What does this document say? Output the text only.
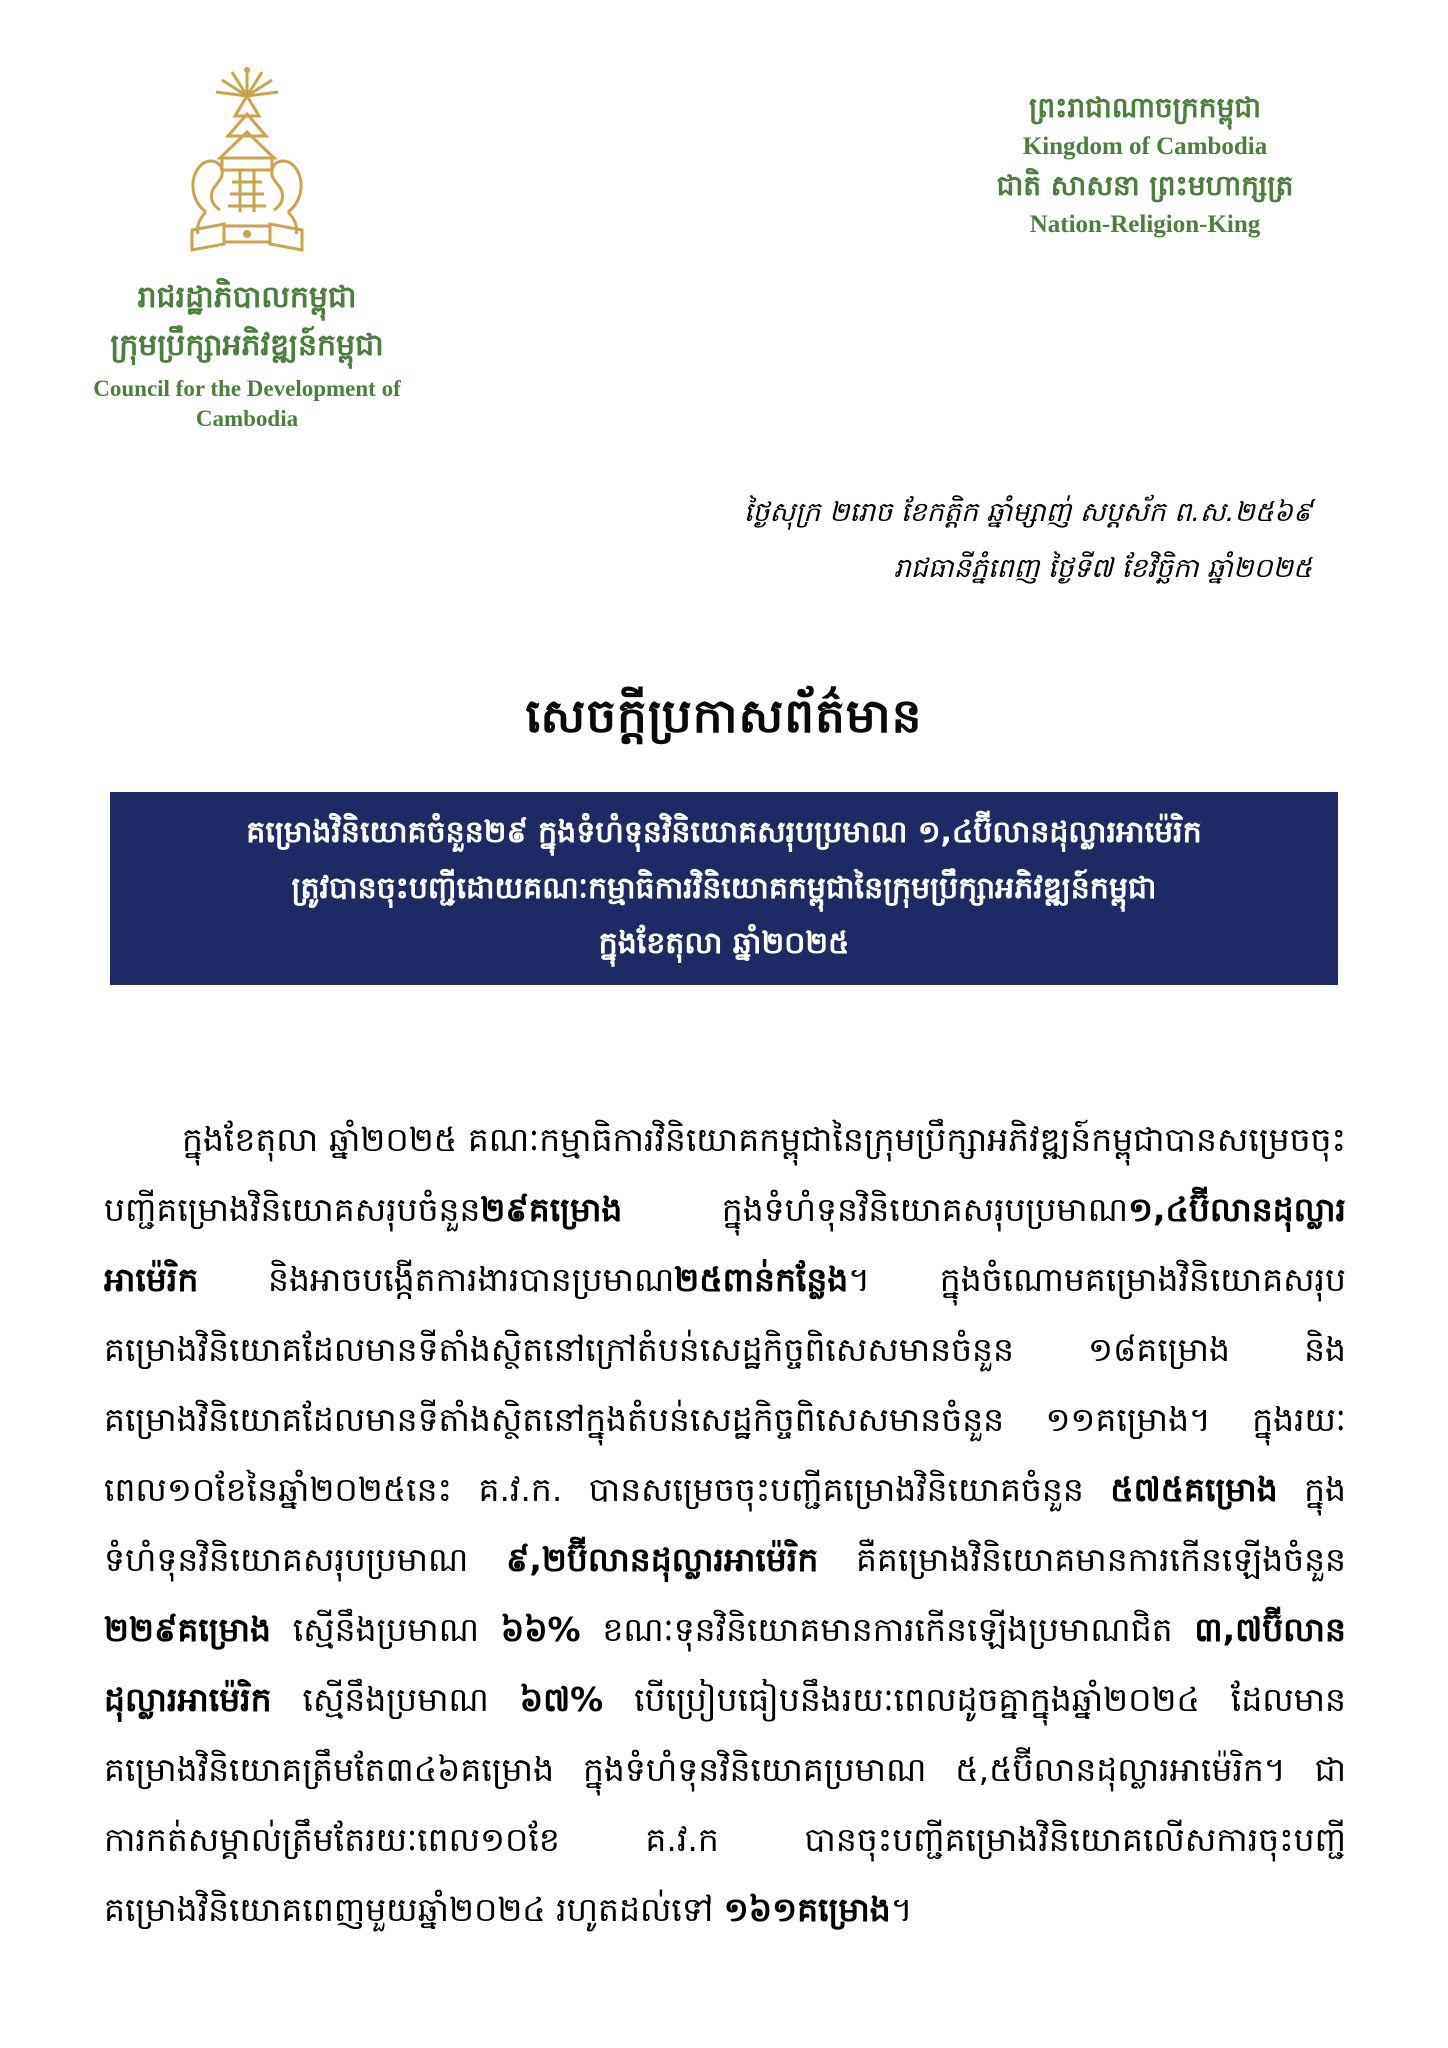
រាជរដ្ឋាភិបាលកម្ពុជា
ក្រុមប្រឹក្សាអភិវឌ្ឍន៍កម្ពុជា
Council for the Development of Cambodia
ព្រះរាជាណាចក្រកម្ពុជា
Kingdom of Cambodia
ជាតិ សាសនា ព្រះមហាក្សត្រ
Nation-Religion-King
ថ្ងៃសុក្រ ២រោច ខែកត្តិក ឆ្នាំម្សាញ់ សប្តស័ក ព.ស.២៥៦៩
រាជធានីភ្នំពេញ ថ្ងៃទី៧ ខែវិច្ឆិកា ឆ្នាំ២០២៥
សេចក្តីប្រកាសព័ត៌មាន
គម្រោងវិនិយោគចំនួន២៩ ក្នុងទំហំទុនវិនិយោគសរុបប្រមាណ ១,៤ប៊ីលានដុល្លារអាម៉េរិក
ត្រូវបានចុះបញ្ជីដោយគណៈកម្មាធិការវិនិយោគកម្ពុជានៃក្រុមប្រឹក្សាអភិវឌ្ឍន៍កម្ពុជា
ក្នុងខែតុលា ឆ្នាំ២០២៥

ក្នុងខែតុលា ឆ្នាំ២០២៥ គណៈកម្មាធិការវិនិយោគកម្ពុជានៃក្រុមប្រឹក្សាអភិវឌ្ឍន៍កម្ពុជាបានសម្រេចចុះបញ្ជីគម្រោងវិនិយោគសរុបចំនួន២៩គម្រោង ក្នុងទំហំទុនវិនិយោគសរុបប្រមាណ១,៤ប៊ីលានដុល្លារអាម៉េរិក និងអាចបង្កើតការងារបានប្រមាណ២៥ពាន់កន្លែង។ ក្នុងចំណោមគម្រោងវិនិយោគសរុប គម្រោងវិនិយោគដែលមានទីតាំងស្ថិតនៅក្រៅតំបន់សេដ្ឋកិច្ចពិសេសមានចំនួន ១៨គម្រោង និងគម្រោងវិនិយោគដែលមានទីតាំងស្ថិតនៅក្នុងតំបន់សេដ្ឋកិច្ចពិសេសមានចំនួន ១១គម្រោង។ ក្នុងរយៈពេល១០ខែនៃឆ្នាំ២០២៥នេះ គ.វ.ក. បានសម្រេចចុះបញ្ជីគម្រោងវិនិយោគចំនួន ៥៧៥គម្រោង ក្នុងទំហំទុនវិនិយោគសរុបប្រមាណ ៩,២ប៊ីលានដុល្លារអាម៉េរិក គឺគម្រោងវិនិយោគមានការកើនឡើងចំនួន ២២៩គម្រោង ស្មើនឹងប្រមាណ ៦៦% ខណៈទុនវិនិយោគមានការកើនឡើងប្រមាណជិត ៣,៧ប៊ីលានដុល្លារអាម៉េរិក ស្មើនឹងប្រមាណ ៦៧% បើប្រៀបធៀបនឹងរយៈពេលដូចគ្នាក្នុងឆ្នាំ២០២៤ ដែលមានគម្រោងវិនិយោគត្រឹមតែ៣៤៦គម្រោង ក្នុងទំហំទុនវិនិយោគប្រមាណ ៥,៥ប៊ីលានដុល្លារអាម៉េរិក។ ជាការកត់សម្គាល់ត្រឹមតែរយៈពេល១០ខែ គ.វ.ក បានចុះបញ្ជីគម្រោងវិនិយោគលើសការចុះបញ្ជីគម្រោងវិនិយោគពេញមួយឆ្នាំ២០២៤ រហូតដល់ទៅ ១៦១គម្រោង។
